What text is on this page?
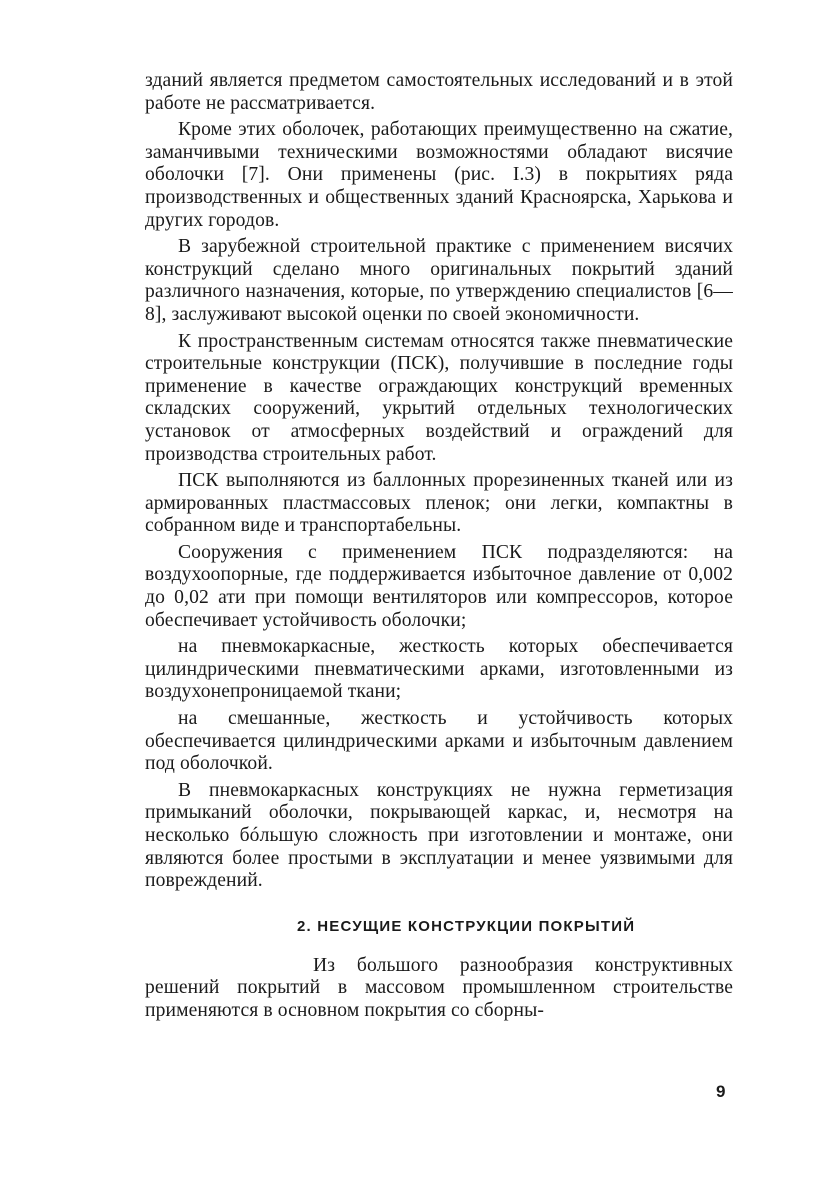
зданий является предметом самостоятельных исследований и в этой работе не рассматривается.

Кроме этих оболочек, работающих преимущественно на сжатие, заманчивыми техническими возможностями обладают висячие оболочки [7]. Они применены (рис. I.3) в покрытиях ряда производственных и общественных зданий Красноярска, Харькова и других городов.

В зарубежной строительной практике с применением висячих конструкций сделано много оригинальных покрытий зданий различного назначения, которые, по утверждению специалистов [6—8], заслуживают высокой оценки по своей экономичности.

К пространственным системам относятся также пневматические строительные конструкции (ПСК), получившие в последние годы применение в качестве ограждающих конструкций временных складских сооружений, укрытий отдельных технологических установок от атмосферных воздействий и ограждений для производства строительных работ.

ПСК выполняются из баллонных прорезиненных тканей или из армированных пластмассовых пленок; они легки, компактны в собранном виде и транспортабельны.

Сооружения с применением ПСК подразделяются: на воздухоопорные, где поддерживается избыточное давление от 0,002 до 0,02 ати при помощи вентиляторов или компрессоров, которое обеспечивает устойчивость оболочки;

на пневмокаркасные, жесткость которых обеспечивается цилиндрическими пневматическими арками, изготовленными из воздухонепроницаемой ткани;

на смешанные, жесткость и устойчивость которых обеспечивается цилиндрическими арками и избыточным давлением под оболочкой.

В пневмокаркасных конструкциях не нужна герметизация примыканий оболочки, покрывающей каркас, и, несмотря на несколько бóльшую сложность при изготовлении и монтаже, они являются более простыми в эксплуатации и менее уязвимыми для повреждений.

2. НЕСУЩИЕ КОНСТРУКЦИИ ПОКРЫТИЙ

Из большого разнообразия конструктивных решений покрытий в массовом промышленном строительстве применяются в основном покрытия со сборны-

9
